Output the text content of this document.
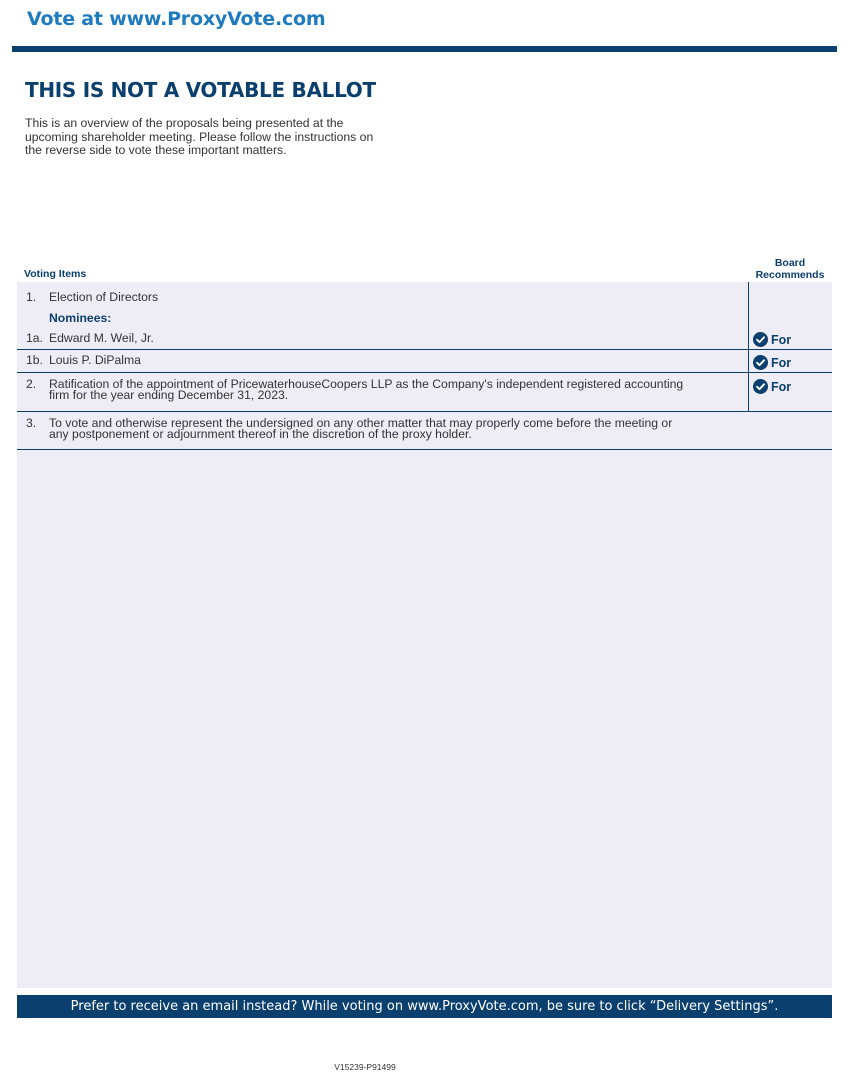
Vote at www.ProxyVote.com
THIS IS NOT A VOTABLE BALLOT
This is an overview of the proposals being presented at the
upcoming shareholder meeting. Please follow the instructions on
the reverse side to vote these important matters.
Voting Items
Board
Recommends
1. Election of Directors
Nominees:
1a. Edward M. Weil, Jr.	For
1b. Louis P. DiPalma	For
2. Ratification of the appointment of PricewaterhouseCoopers LLP as the Company's independent registered accounting
firm for the year ending December 31, 2023.
For
3. To vote and otherwise represent the undersigned on any other matter that may properly come before the meeting or
any postponement or adjournment thereof in the discretion of the proxy holder.
Prefer to receive an email instead? While voting on www.ProxyVote.com, be sure to click “Delivery Settings”.
V15239-P91499
